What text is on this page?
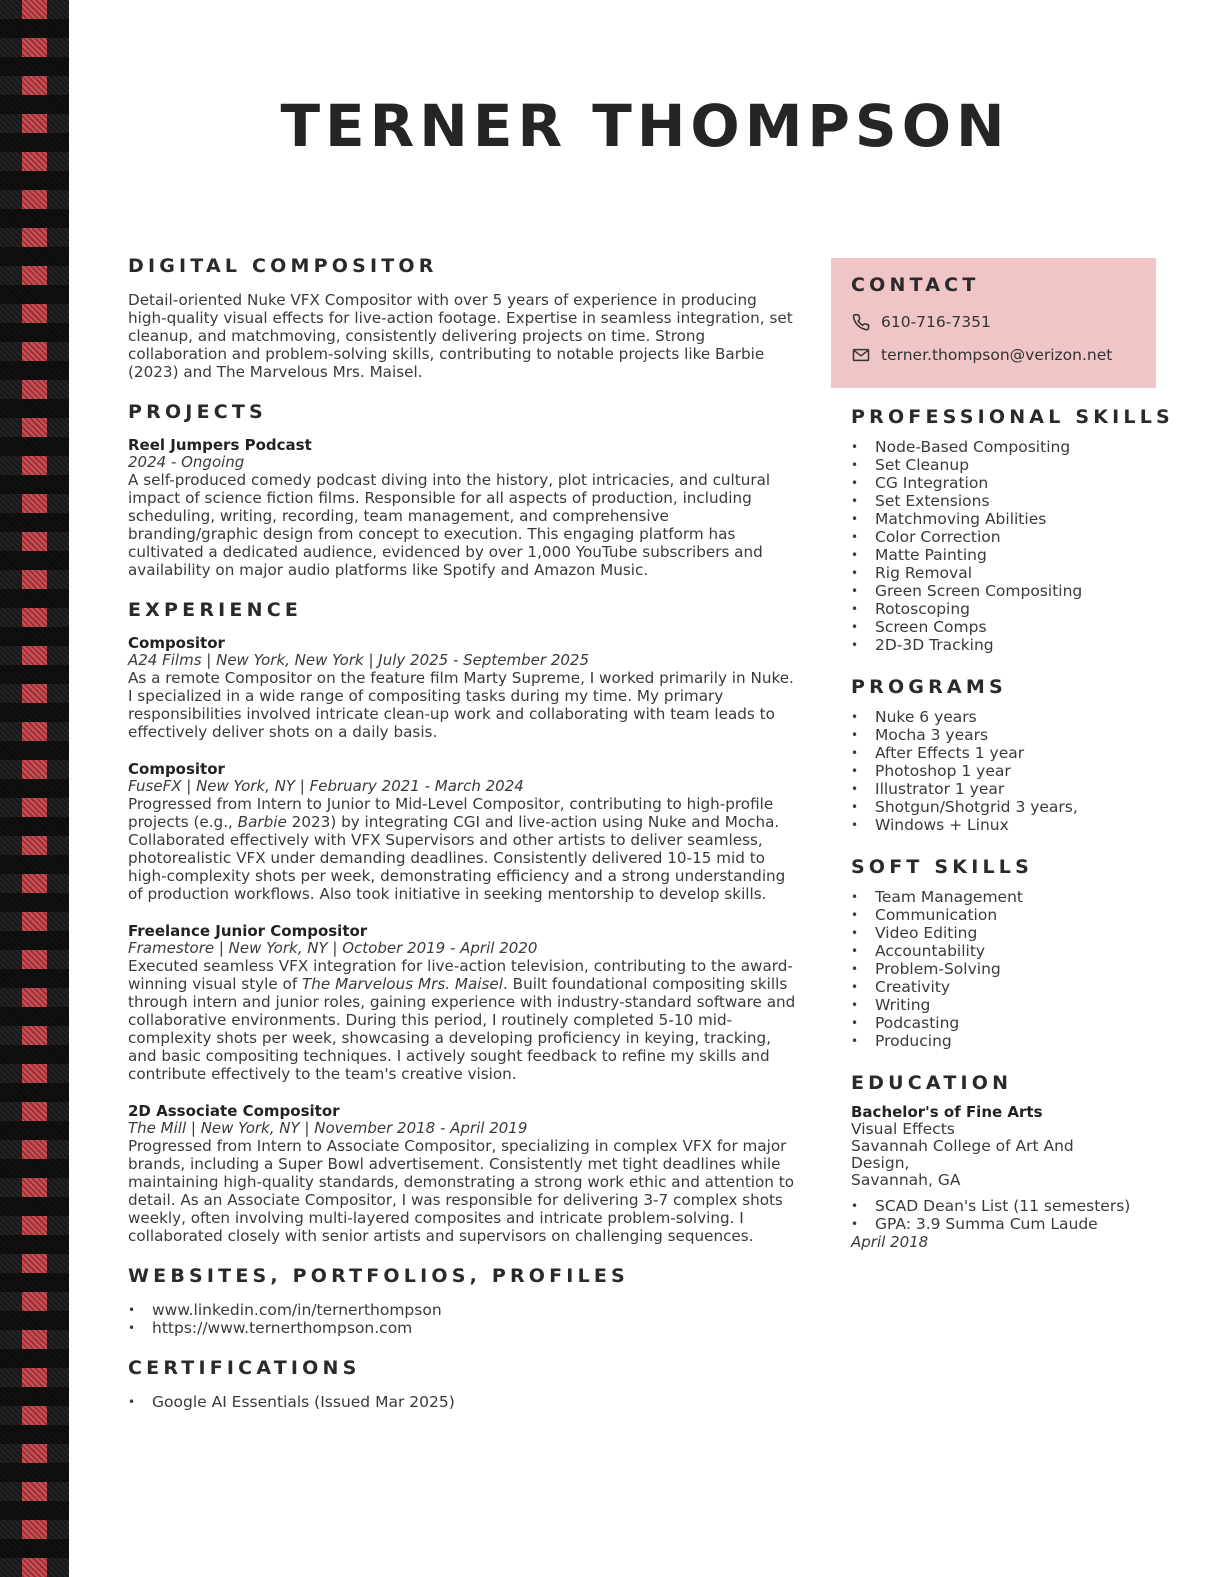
TERNER THOMPSON
DIGITAL COMPOSITOR

Detail-oriented Nuke VFX Compositor with over 5 years of experience in producing high-quality visual effects for live-action footage. Expertise in seamless integration, set cleanup, and matchmoving, consistently delivering projects on time. Strong collaboration and problem-solving skills, contributing to notable projects like Barbie (2023) and The Marvelous Mrs. Maisel.

PROJECTS
Reel Jumpers Podcast
2024 - Ongoing

A self-produced comedy podcast diving into the history, plot intricacies, and cultural impact of science fiction films. Responsible for all aspects of production, including scheduling, writing, recording, team management, and comprehensive branding/graphic design from concept to execution. This engaging platform has cultivated a dedicated audience, evidenced by over 1,000 YouTube subscribers and availability on major audio platforms like Spotify and Amazon Music.

EXPERIENCE
Compositor
A24 Films | New York, New York | July 2025 - September 2025

As a remote Compositor on the feature film Marty Supreme, I worked primarily in Nuke. I specialized in a wide range of compositing tasks during my time. My primary responsibilities involved intricate clean-up work and collaborating with team leads to effectively deliver shots on a daily basis.

Compositor
FuseFX | New York, NY | February 2021 - March 2024

Progressed from Intern to Junior to Mid-Level Compositor, contributing to high-profile projects (e.g., Barbie 2023) by integrating CGI and live-action using Nuke and Mocha. Collaborated effectively with VFX Supervisors and other artists to deliver seamless, photorealistic VFX under demanding deadlines. Consistently delivered 10-15 mid to high-complexity shots per week, demonstrating efficiency and a strong understanding of production workflows. Also took initiative in seeking mentorship to develop skills.

Freelance Junior Compositor
Framestore | New York, NY | October 2019 - April 2020

Executed seamless VFX integration for live-action television, contributing to the award-winning visual style of The Marvelous Mrs. Maisel. Built foundational compositing skills through intern and junior roles, gaining experience with industry-standard software and collaborative environments. During this period, I routinely completed 5-10 mid-complexity shots per week, showcasing a developing proficiency in keying, tracking, and basic compositing techniques. I actively sought feedback to refine my skills and contribute effectively to the team's creative vision.

2D Associate Compositor
The Mill | New York, NY | November 2018 - April 2019

Progressed from Intern to Associate Compositor, specializing in complex VFX for major brands, including a Super Bowl advertisement. Consistently met tight deadlines while maintaining high-quality standards, demonstrating a strong work ethic and attention to detail. As an Associate Compositor, I was responsible for delivering 3-7 complex shots weekly, often involving multi-layered composites and intricate problem-solving. I collaborated closely with senior artists and supervisors on challenging sequences.

WEBSITES, PORTFOLIOS, PROFILES
• www.linkedin.com/in/ternerthompson
• https://www.ternerthompson.com
CERTIFICATIONS
• Google AI Essentials (Issued Mar 2025)
CONTACT
610-716-7351
terner.thompson@verizon.net
PROFESSIONAL SKILLS
• Node-Based Compositing
• Set Cleanup
• CG Integration
• Set Extensions
• Matchmoving Abilities
• Color Correction
• Matte Painting
• Rig Removal
• Green Screen Compositing
• Rotoscoping
• Screen Comps
• 2D-3D Tracking
PROGRAMS
• Nuke 6 years
• Mocha 3 years
• After Effects 1 year
• Photoshop 1 year
• Illustrator 1 year
• Shotgun/Shotgrid 3 years,
• Windows + Linux
SOFT SKILLS
• Team Management
• Communication
• Video Editing
• Accountability
• Problem-Solving
• Creativity
• Writing
• Podcasting
• Producing
EDUCATION
Bachelor's of Fine Arts
Visual Effects
Savannah College of Art And Design,
Savannah, GA
• SCAD Dean's List (11 semesters)
• GPA: 3.9 Summa Cum Laude
April 2018
